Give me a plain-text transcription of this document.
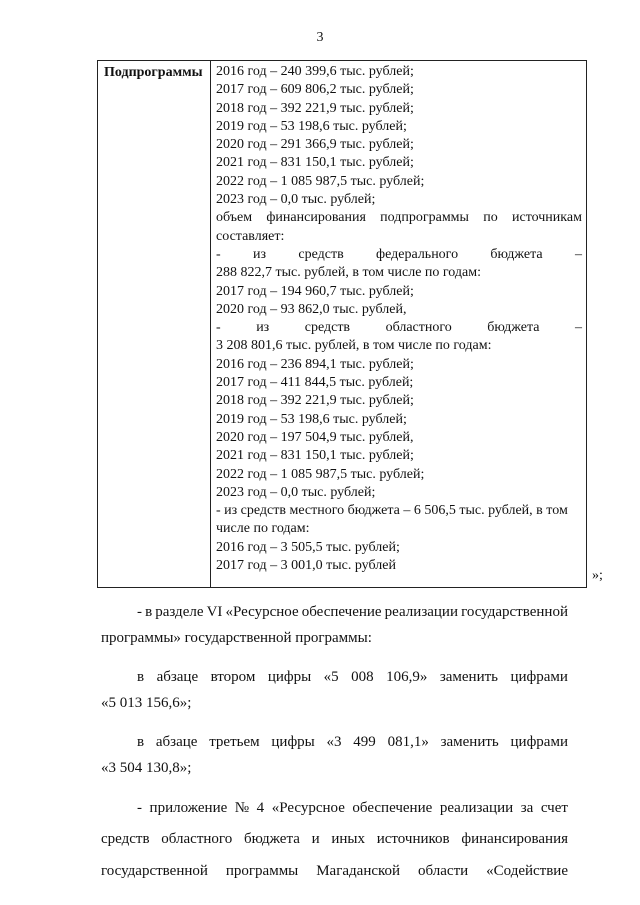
3
Подпрограммы 2016 год – 240 399,6 тыс. рублей;
2017 год – 609 806,2 тыс. рублей;
2018 год – 392 221,9 тыс. рублей;
2019 год – 53 198,6 тыс. рублей;
2020 год – 291 366,9 тыс. рублей;
2021 год – 831 150,1 тыс. рублей;
2022 год – 1 085 987,5 тыс. рублей;
2023 год – 0,0 тыс. рублей;
объем финансирования подпрограммы по источникам
составляет:
- из средств федерального бюджета –
288 822,7 тыс. рублей, в том числе по годам:
2017 год – 194 960,7 тыс. рублей;
2020 год – 93 862,0 тыс. рублей,
-	из	средств	областного	бюджета	–
3 208 801,6 тыс. рублей, в том числе по годам:
2016 год – 236 894,1 тыс. рублей;
2017 год – 411 844,5 тыс. рублей;
2018 год – 392 221,9 тыс. рублей;
2019 год – 53 198,6 тыс. рублей;
2020 год – 197 504,9 тыс. рублей,
2021 год – 831 150,1 тыс. рублей;
2022 год – 1 085 987,5 тыс. рублей;
2023 год – 0,0 тыс. рублей;
- из средств местного бюджета – 6 506,5 тыс. рублей, в том
числе по годам:
2016 год – 3 505,5 тыс. рублей;
2017 год – 3 001,0 тыс. рублей
»;
- в разделе VI «Ресурсное обеспечение реализации государственной
программы» государственной программы:
в абзаце втором цифры «5 008 106,9» заменить цифрами
«5 013 156,6»;
в абзаце третьем цифры «3 499 081,1» заменить цифрами
«3 504 130,8»;
- приложение № 4 «Ресурсное обеспечение реализации за счет
средств областного бюджета и иных источников финансирования
государственной программы Магаданской области «Содействие
